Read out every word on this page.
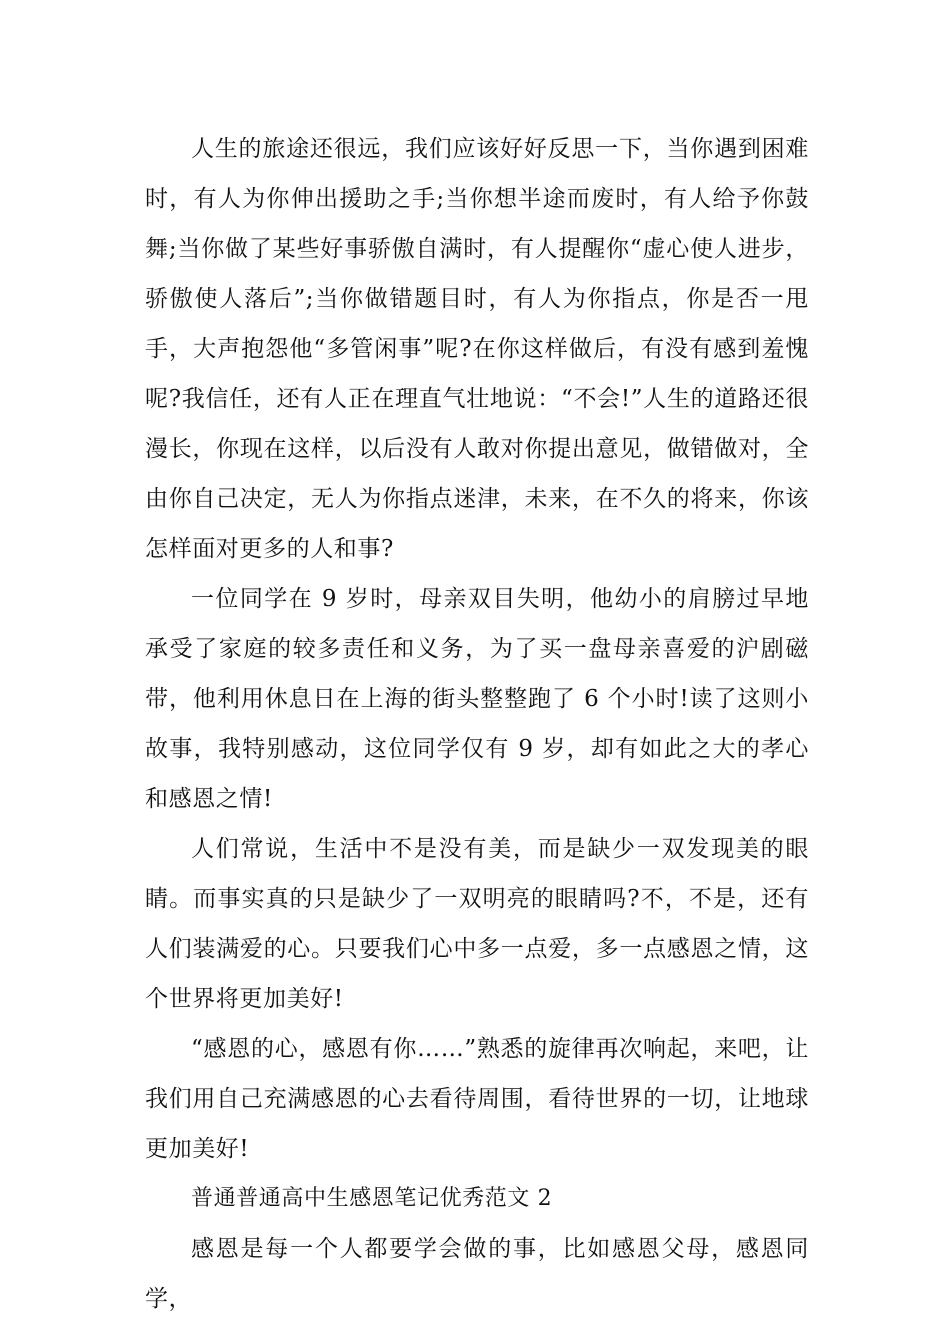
人生的旅途还很远，我们应该好好反思一下，当你遇到困难时，有人为你伸出援助之手;当你想半途而废时，有人给予你鼓舞;当你做了某些好事骄傲自满时，有人提醒你“虚心使人进步，骄傲使人落后”;当你做错题目时，有人为你指点，你是否一甩手，大声抱怨他“多管闲事”呢?在你这样做后，有没有感到羞愧呢?我信任，还有人正在理直气壮地说：“不会!”人生的道路还很漫长，你现在这样，以后没有人敢对你提出意见，做错做对，全由你自己决定，无人为你指点迷津，未来，在不久的将来，你该怎样面对更多的人和事?

一位同学在 9 岁时，母亲双目失明，他幼小的肩膀过早地承受了家庭的较多责任和义务，为了买一盘母亲喜爱的沪剧磁带，他利用休息日在上海的街头整整跑了 6 个小时!读了这则小故事，我特别感动，这位同学仅有 9 岁，却有如此之大的孝心和感恩之情!

人们常说，生活中不是没有美，而是缺少一双发现美的眼睛。而事实真的只是缺少了一双明亮的眼睛吗?不，不是，还有人们装满爱的心。只要我们心中多一点爱，多一点感恩之情，这个世界将更加美好!

“感恩的心，感恩有你……”熟悉的旋律再次响起，来吧，让我们用自己充满感恩的心去看待周围，看待世界的一切，让地球更加美好!

普通普通高中生感恩笔记优秀范文 2

感恩是每一个人都要学会做的事，比如感恩父母，感恩同学，
